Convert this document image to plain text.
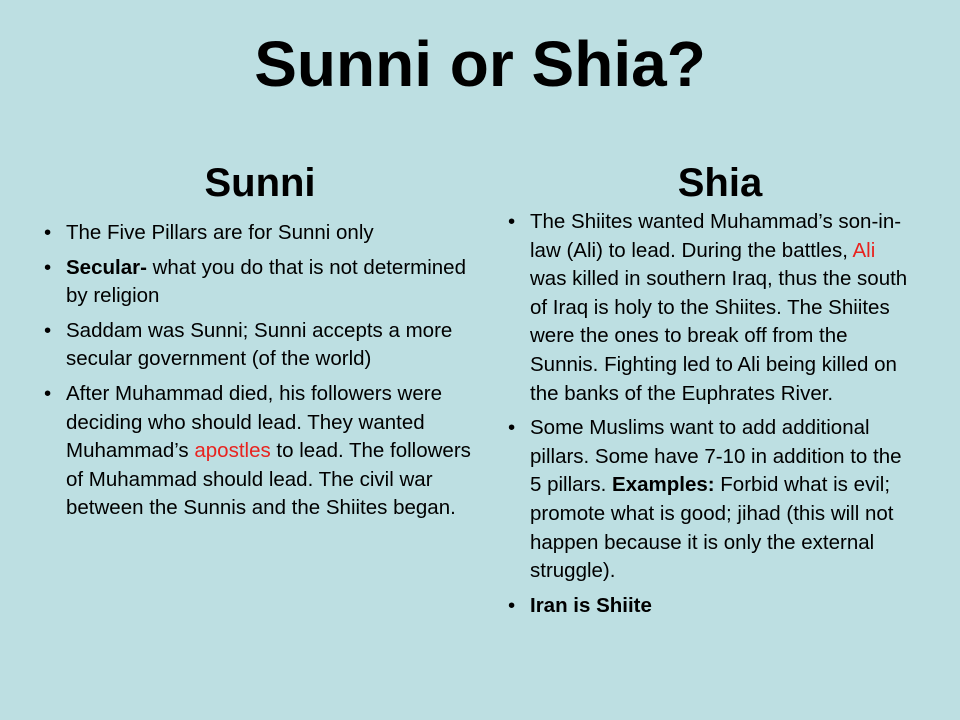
Sunni or Shia?
Sunni	Shia
• The Five Pillars are for Sunni only
• Secular- what you do that is not determined by religion
• Saddam was Sunni; Sunni accepts a more secular government (of the world)
• After Muhammad died, his followers were deciding who should lead. They wanted Muhammad’s apostles to lead. The followers of Muhammad should lead. The civil war between the Sunnis and the Shiites began.
• The Shiites wanted Muhammad’s son-in-law (Ali) to lead. During the battles, Ali was killed in southern Iraq, thus the south of Iraq is holy to the Shiites. The Shiites were the ones to break off from the Sunnis. Fighting led to Ali being killed on the banks of the Euphrates River.
• Some Muslims want to add additional pillars. Some have 7-10 in addition to the 5 pillars. Examples: Forbid what is evil; promote what is good; jihad (this will not happen because it is only the external struggle).
• Iran is Shiite
